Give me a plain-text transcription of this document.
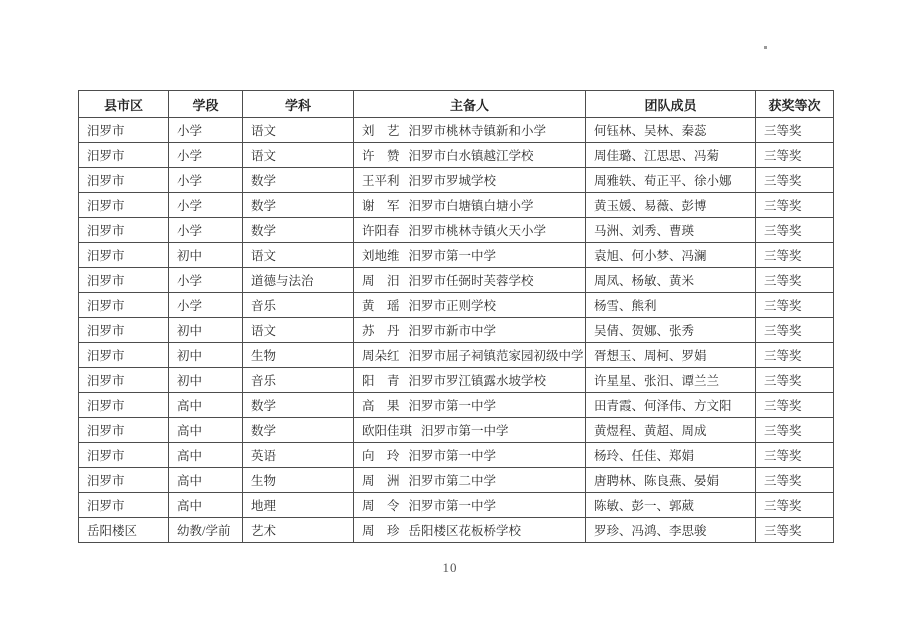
县市区	学段	学科	主备人	团队成员	获奖等次
汨罗市	小学	语文	刘　艺 汨罗市桃林寺镇新和小学	何钰林、吴林、秦蕊	三等奖
汨罗市	小学	语文	许　赞 汨罗市白水镇越江学校	周佳璐、江思思、冯菊	三等奖
汨罗市	小学	数学	王平利 汨罗市罗城学校	周雅轶、荀正平、徐小娜	三等奖
汨罗市	小学	数学	谢　军 汨罗市白塘镇白塘小学	黄玉媛、易薇、彭博	三等奖
汨罗市	小学	数学	许阳春 汨罗市桃林寺镇火天小学	马洲、刘秀、曹瑛	三等奖
汨罗市	初中	语文	刘地维 汨罗市第一中学	袁旭、何小梦、冯澜	三等奖
汨罗市	小学	道德与法治	周　汨 汨罗市任弼时芙蓉学校	周凤、杨敏、黄米	三等奖
汨罗市	小学	音乐	黄　瑶 汨罗市正则学校	杨雪、熊利	三等奖
汨罗市	初中	语文	苏　丹 汨罗市新市中学	吴倩、贺娜、张秀	三等奖
汨罗市	初中	生物	周朵红 汨罗市屈子祠镇范家园初级中学	胥想玉、周柯、罗娟	三等奖
汨罗市	初中	音乐	阳　青 汨罗市罗江镇露水坡学校	许星星、张汨、谭兰兰	三等奖
汨罗市	高中	数学	高　果 汨罗市第一中学	田青霞、何泽伟、方文阳	三等奖
汨罗市	高中	数学	欧阳佳琪 汨罗市第一中学	黄煜程、黄超、周成	三等奖
汨罗市	高中	英语	向　玲 汨罗市第一中学	杨玲、任佳、郑娟	三等奖
汨罗市	高中	生物	周　洲 汨罗市第二中学	唐聘林、陈良燕、晏娟	三等奖
汨罗市	高中	地理	周　令 汨罗市第一中学	陈敏、彭一、郭葳	三等奖
岳阳楼区	幼教/学前	艺术	周　珍 岳阳楼区花板桥学校	罗珍、冯鸿、李思骏	三等奖
10
